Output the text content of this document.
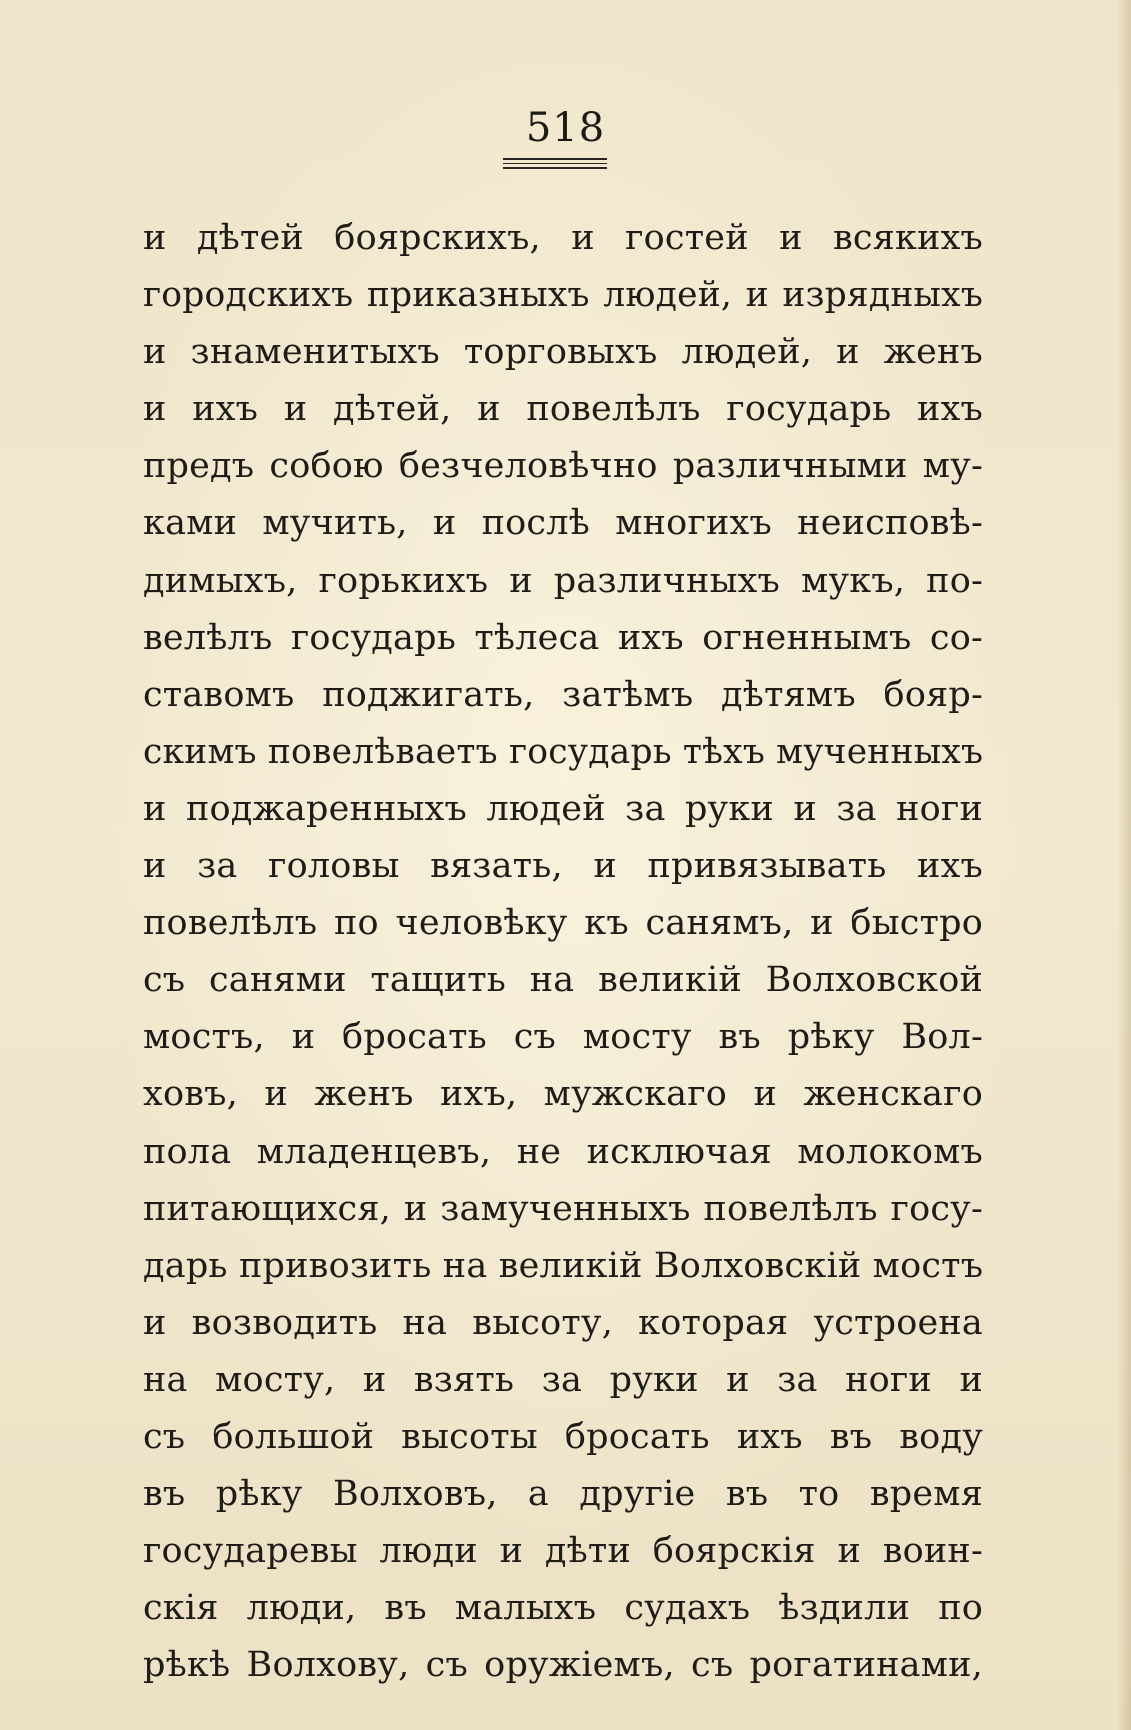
518
и дѣтей боярскихъ, и гостей и всякихъ
городскихъ приказныхъ людей, и изрядныхъ
и знаменитыхъ торговыхъ людей, и женъ
и ихъ и дѣтей, и повелѣлъ государь ихъ
предъ собою безчеловѣчно различными му-
ками мучить, и послѣ многихъ неисповѣ-
димыхъ, горькихъ и различныхъ мукъ, по-
велѣлъ государь тѣлеса ихъ огненнымъ со-
ставомъ поджигать, затѣмъ дѣтямъ бояр-
скимъ повелѣваетъ государь тѣхъ мученныхъ
и поджаренныхъ людей за руки и за ноги
и за головы вязать, и привязывать ихъ
повелѣлъ по человѣку къ санямъ, и быстро
съ санями тащить на великій Волховской
мостъ, и бросать съ мосту въ рѣку Вол-
ховъ, и женъ ихъ, мужскаго и женскаго
пола младенцевъ, не исключая молокомъ
питающихся, и замученныхъ повелѣлъ госу-
дарь привозить на великій Волховскій мостъ
и возводить на высоту, которая устроена
на мосту, и взять за руки и за ноги и
съ большой высоты бросать ихъ въ воду
въ рѣку Волховъ, а другіе въ то время
государевы люди и дѣти боярскія и воин-
скія люди, въ малыхъ судахъ ѣздили по
рѣкѣ Волхову, съ оружіемъ, съ рогатинами,
